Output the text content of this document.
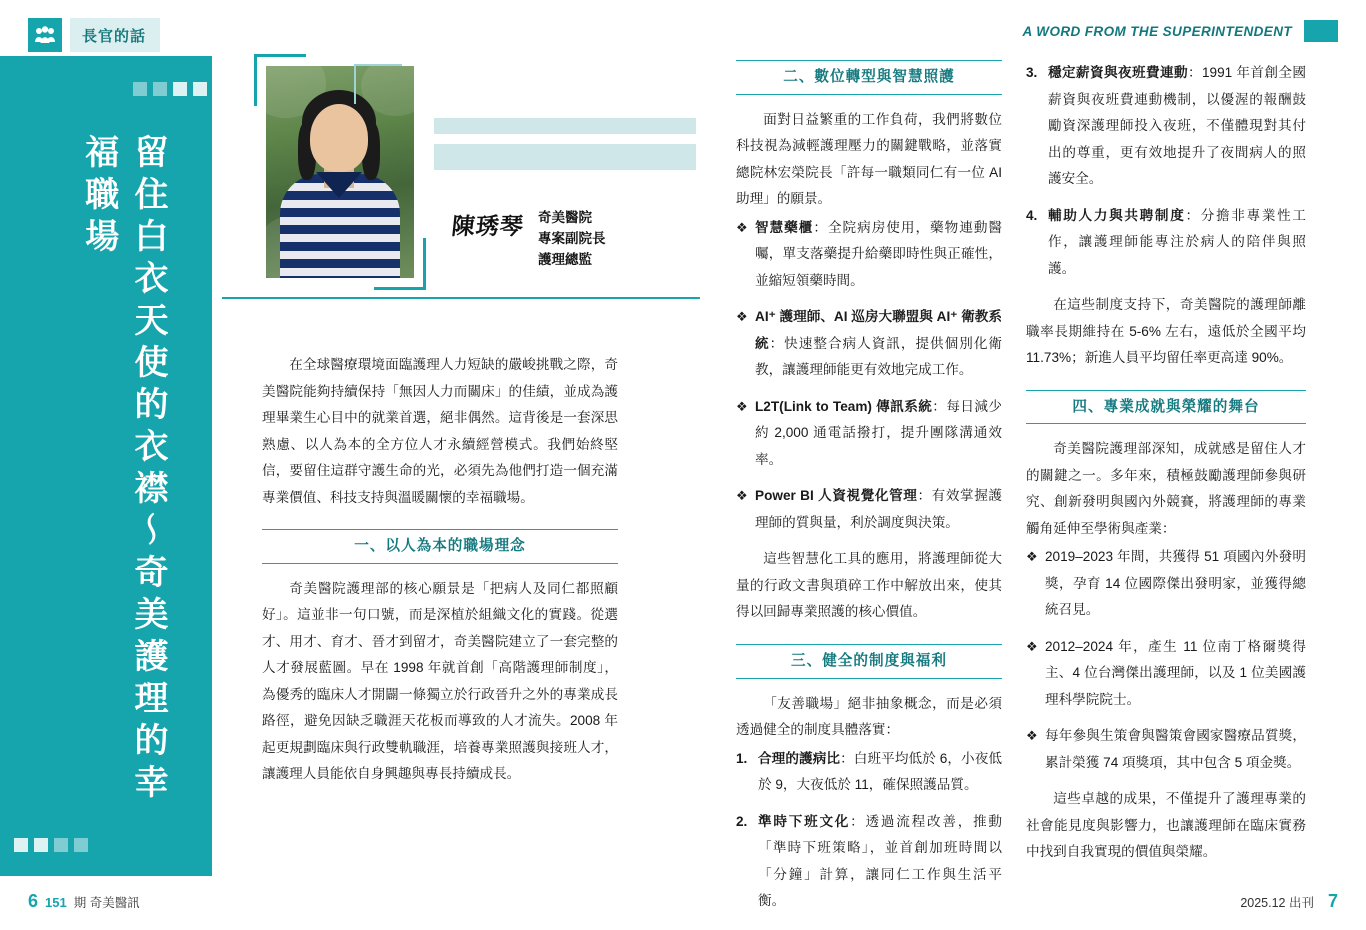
長官的話	A WORD FROM THE SUPERINTENDENT
留住白衣天使的衣襟～奇美護理的幸福職場	陳琇琴 奇美醫院
專案副院長
護理總監

在全球醫療環境面臨護理人力短缺的嚴峻挑戰之際，奇美醫院能夠持續保持「無因人力而關床」的佳績，並成為護理畢業生心目中的就業首選，絕非偶然。這背後是一套深思熟慮、以人為本的全方位人才永續經營模式。我們始終堅信，要留住這群守護生命的光，必須先為他們打造一個充滿專業價值、科技支持與溫暖關懷的幸福職場。

一、以人為本的職場理念

奇美醫院護理部的核心願景是「把病人及同仁都照顧好」。這並非一句口號，而是深植於組織文化的實踐。從選才、用才、育才、晉才到留才，奇美醫院建立了一套完整的人才發展藍圖。早在 1998 年就首創「高階護理師制度」，為優秀的臨床人才開闢一條獨立於行政晉升之外的專業成長路徑，避免因缺乏職涯天花板而導致的人才流失。2008 年起更規劃臨床與行政雙軌職涯，培養專業照護與接班人才，讓護理人員能依自身興趣與專長持續成長。

二、數位轉型與智慧照護

面對日益繁重的工作負荷，我們將數位科技視為減輕護理壓力的關鍵戰略，並落實總院林宏榮院長「許每一職類同仁有一位 AI 助理」的願景。

❖ 智慧藥櫃：全院病房使用，藥物連動醫囑，單支落藥提升給藥即時性與正確性，並縮短領藥時間。
❖ AI⁺ 護理師、AI 巡房大聯盟與 AI⁺ 衛教系統：快速整合病人資訊，提供個別化衛教，讓護理師能更有效地完成工作。
❖ L2T(Link to Team) 傳訊系統：每日減少約 2,000 通電話撥打，提升團隊溝通效率。
❖ Power BI 人資視覺化管理：有效掌握護理師的質與量，利於調度與決策。

這些智慧化工具的應用，將護理師從大量的行政文書與瑣碎工作中解放出來，使其得以回歸專業照護的核心價值。

三、健全的制度與福利

「友善職場」絕非抽象概念，而是必須透過健全的制度具體落實：

1. 合理的護病比：白班平均低於 6，小夜低於 9，大夜低於 11，確保照護品質。
2. 準時下班文化：透過流程改善，推動「準時下班策略」，並首創加班時間以「分鐘」計算，讓同仁工作與生活平衡。
3. 穩定薪資與夜班費連動：1991 年首創全國薪資與夜班費連動機制，以優渥的報酬鼓勵資深護理師投入夜班，不僅體現對其付出的尊重，更有效地提升了夜間病人的照護安全。
4. 輔助人力與共聘制度：分擔非專業性工作，讓護理師能專注於病人的陪伴與照護。

在這些制度支持下，奇美醫院的護理師離職率長期維持在 5-6% 左右，遠低於全國平均 11.73%；新進人員平均留任率更高達 90%。

四、專業成就與榮耀的舞台

奇美醫院護理部深知，成就感是留住人才的關鍵之一。多年來，積極鼓勵護理師參與研究、創新發明與國內外競賽，將護理師的專業觸角延伸至學術與產業：

❖ 2019–2023 年間，共獲得 51 項國內外發明獎，孕育 14 位國際傑出發明家，並獲得總統召見。
❖ 2012–2024 年，產生 11 位南丁格爾獎得主、4 位台灣傑出護理師，以及 1 位美國護理科學院院士。
❖ 每年參與生策會與醫策會國家醫療品質獎，累計榮獲 74 項獎項，其中包含 5 項金獎。

這些卓越的成果，不僅提升了護理專業的社會能見度與影響力，也讓護理師在臨床實務中找到自我實現的價值與榮耀。

6 151 期 奇美醫訊	2025.12 出刊 7
